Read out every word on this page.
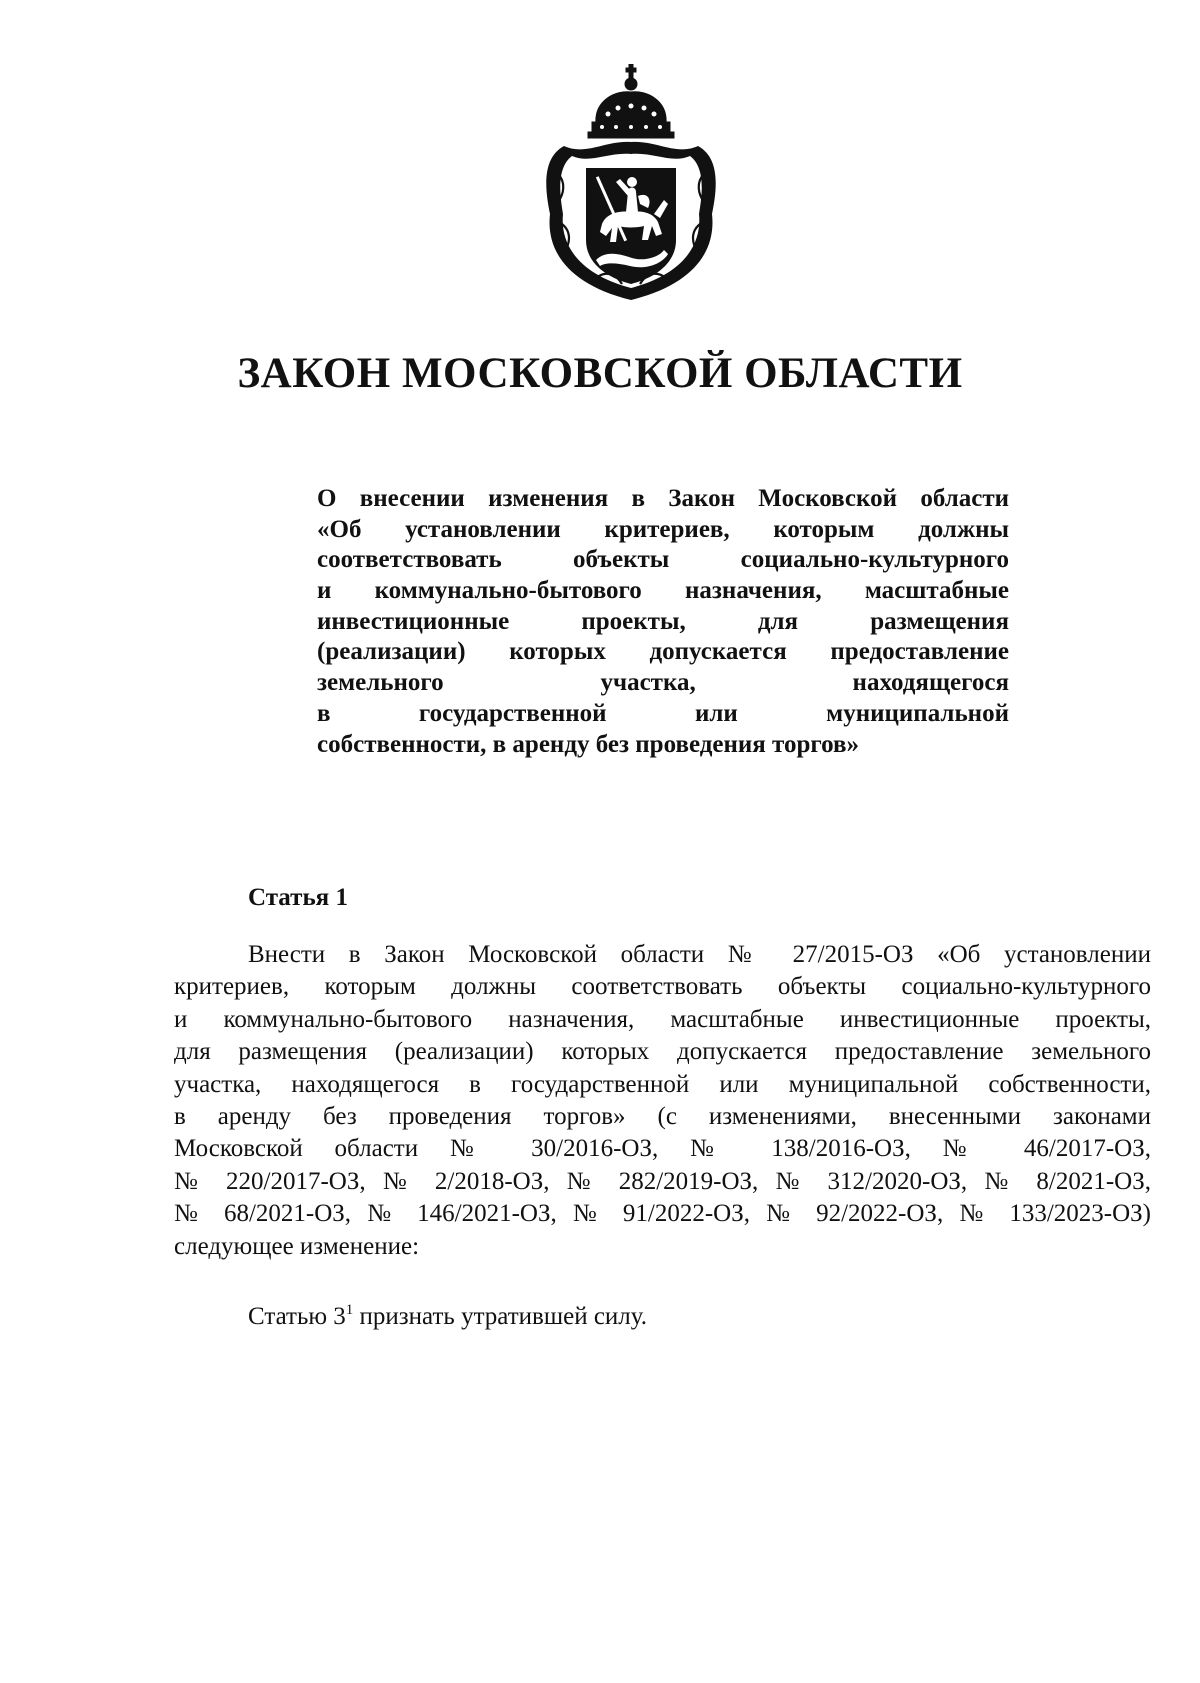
ЗАКОН МОСКОВСКОЙ ОБЛАСТИ
О внесении изменения в Закон Московской области
«Об установлении критериев, которым должны
соответствовать объекты социально-культурного
и коммунально-бытового назначения, масштабные
инвестиционные проекты, для размещения
(реализации) которых допускается предоставление
земельного участка, находящегося
в государственной или муниципальной
собственности, в аренду без проведения торгов»
Статья 1
Внести в Закон Московской области № 27/2015-ОЗ «Об установлении
критериев, которым должны соответствовать объекты социально-культурного
и коммунально-бытового назначения, масштабные инвестиционные проекты,
для размещения (реализации) которых допускается предоставление земельного
участка, находящегося в государственной или муниципальной собственности,
в аренду без проведения торгов» (с изменениями, внесенными законами
Московской области № 30/2016-ОЗ, № 138/2016-ОЗ, № 46/2017-ОЗ,
№ 220/2017-ОЗ, № 2/2018-ОЗ, № 282/2019-ОЗ, № 312/2020-ОЗ, № 8/2021-ОЗ,
№ 68/2021-ОЗ, № 146/2021-ОЗ, № 91/2022-ОЗ, № 92/2022-ОЗ, № 133/2023-ОЗ)
следующее изменение:
Статью $3^1$ признать утратившей силу.
